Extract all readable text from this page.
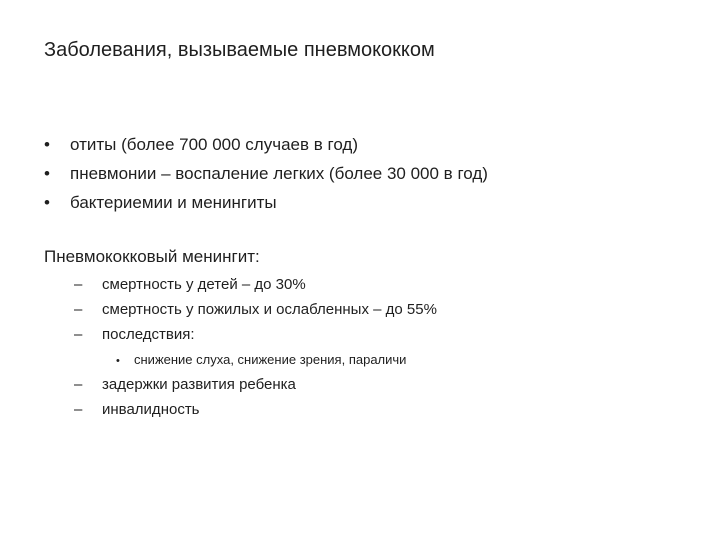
Заболевания, вызываемые пневмококком
• отиты (более 700 000 случаев в год)
• пневмонии – воспаление легких (более 30 000 в год)
• бактериемии и менингиты
Пневмококковый менингит:
– смертность у детей – до 30%
– смертность у пожилых и ослабленных – до 55%
– последствия:
• снижение слуха, снижение зрения, параличи
– задержки развития ребенка
– инвалидность
